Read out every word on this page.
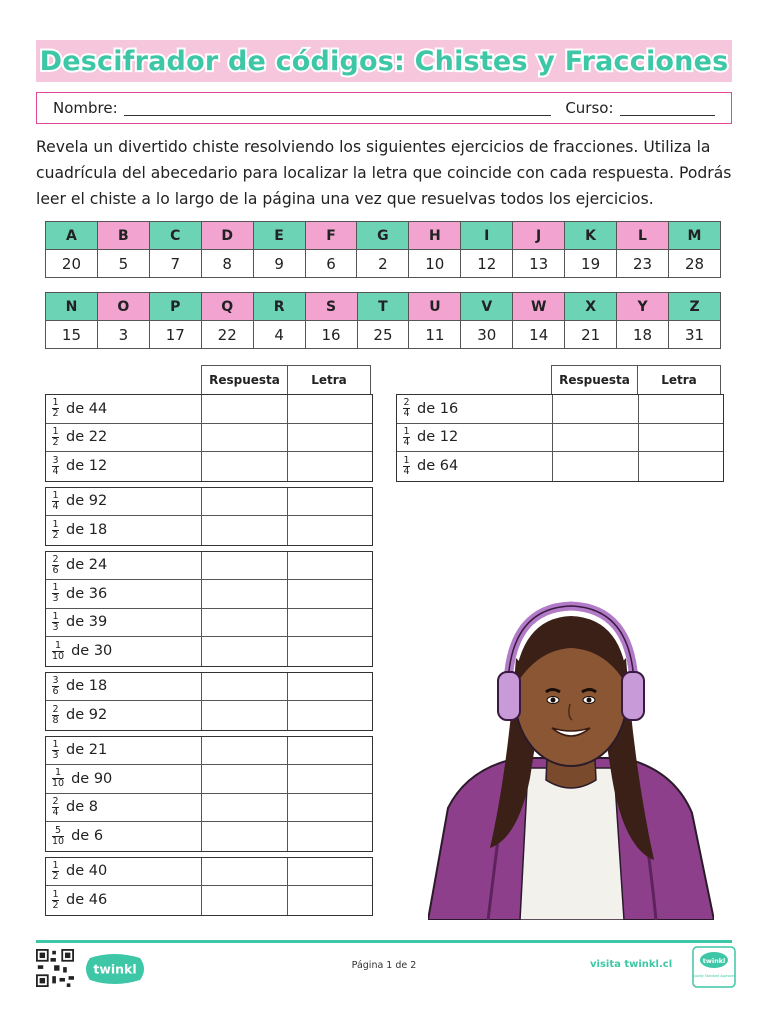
Descifrador de códigos: Chistes y Fracciones
Nombre:	Curso:

Revela un divertido chiste resolviendo los siguientes ejercicios de fracciones. Utiliza la cuadrícula del abecedario para localizar la letra que coincide con cada respuesta. Podrás leer el chiste a lo largo de la página una vez que resuelvas todos los ejercicios.

A	B	C	D	E	F	G	H	I	J	K	L	M
20	5	7	8	9	6	2	10	12	13	19	23	28
N	O	P	Q	R	S	T	U	V	W	X	Y	Z
15	3	17	22	4	16	25	11	30	14	21	18	31
Respuesta	Letra	Respuesta	Letra
$\frac{1}{2}$ de 44
$\frac{1}{2}$ de 22
$\frac{3}{4}$ de 12
$\frac{1}{4}$ de 92
$\frac{1}{2}$ de 18
$\frac{2}{6}$ de 24
$\frac{1}{3}$ de 36
$\frac{1}{3}$ de 39
$\frac{1}{10}$ de 30
$\frac{3}{6}$ de 18
$\frac{2}{8}$ de 92
$\frac{1}{3}$ de 21
$\frac{1}{10}$ de 90
$\frac{2}{4}$ de 8
$\frac{5}{10}$ de 6
$\frac{1}{2}$ de 40
$\frac{1}{2}$ de 46
$\frac{2}{4}$ de 16
$\frac{1}{4}$ de 12
$\frac{1}{4}$ de 64
twinkl	Página 1 de 2	visita twinkl.cl	twinkl
Quality Standard Approved
